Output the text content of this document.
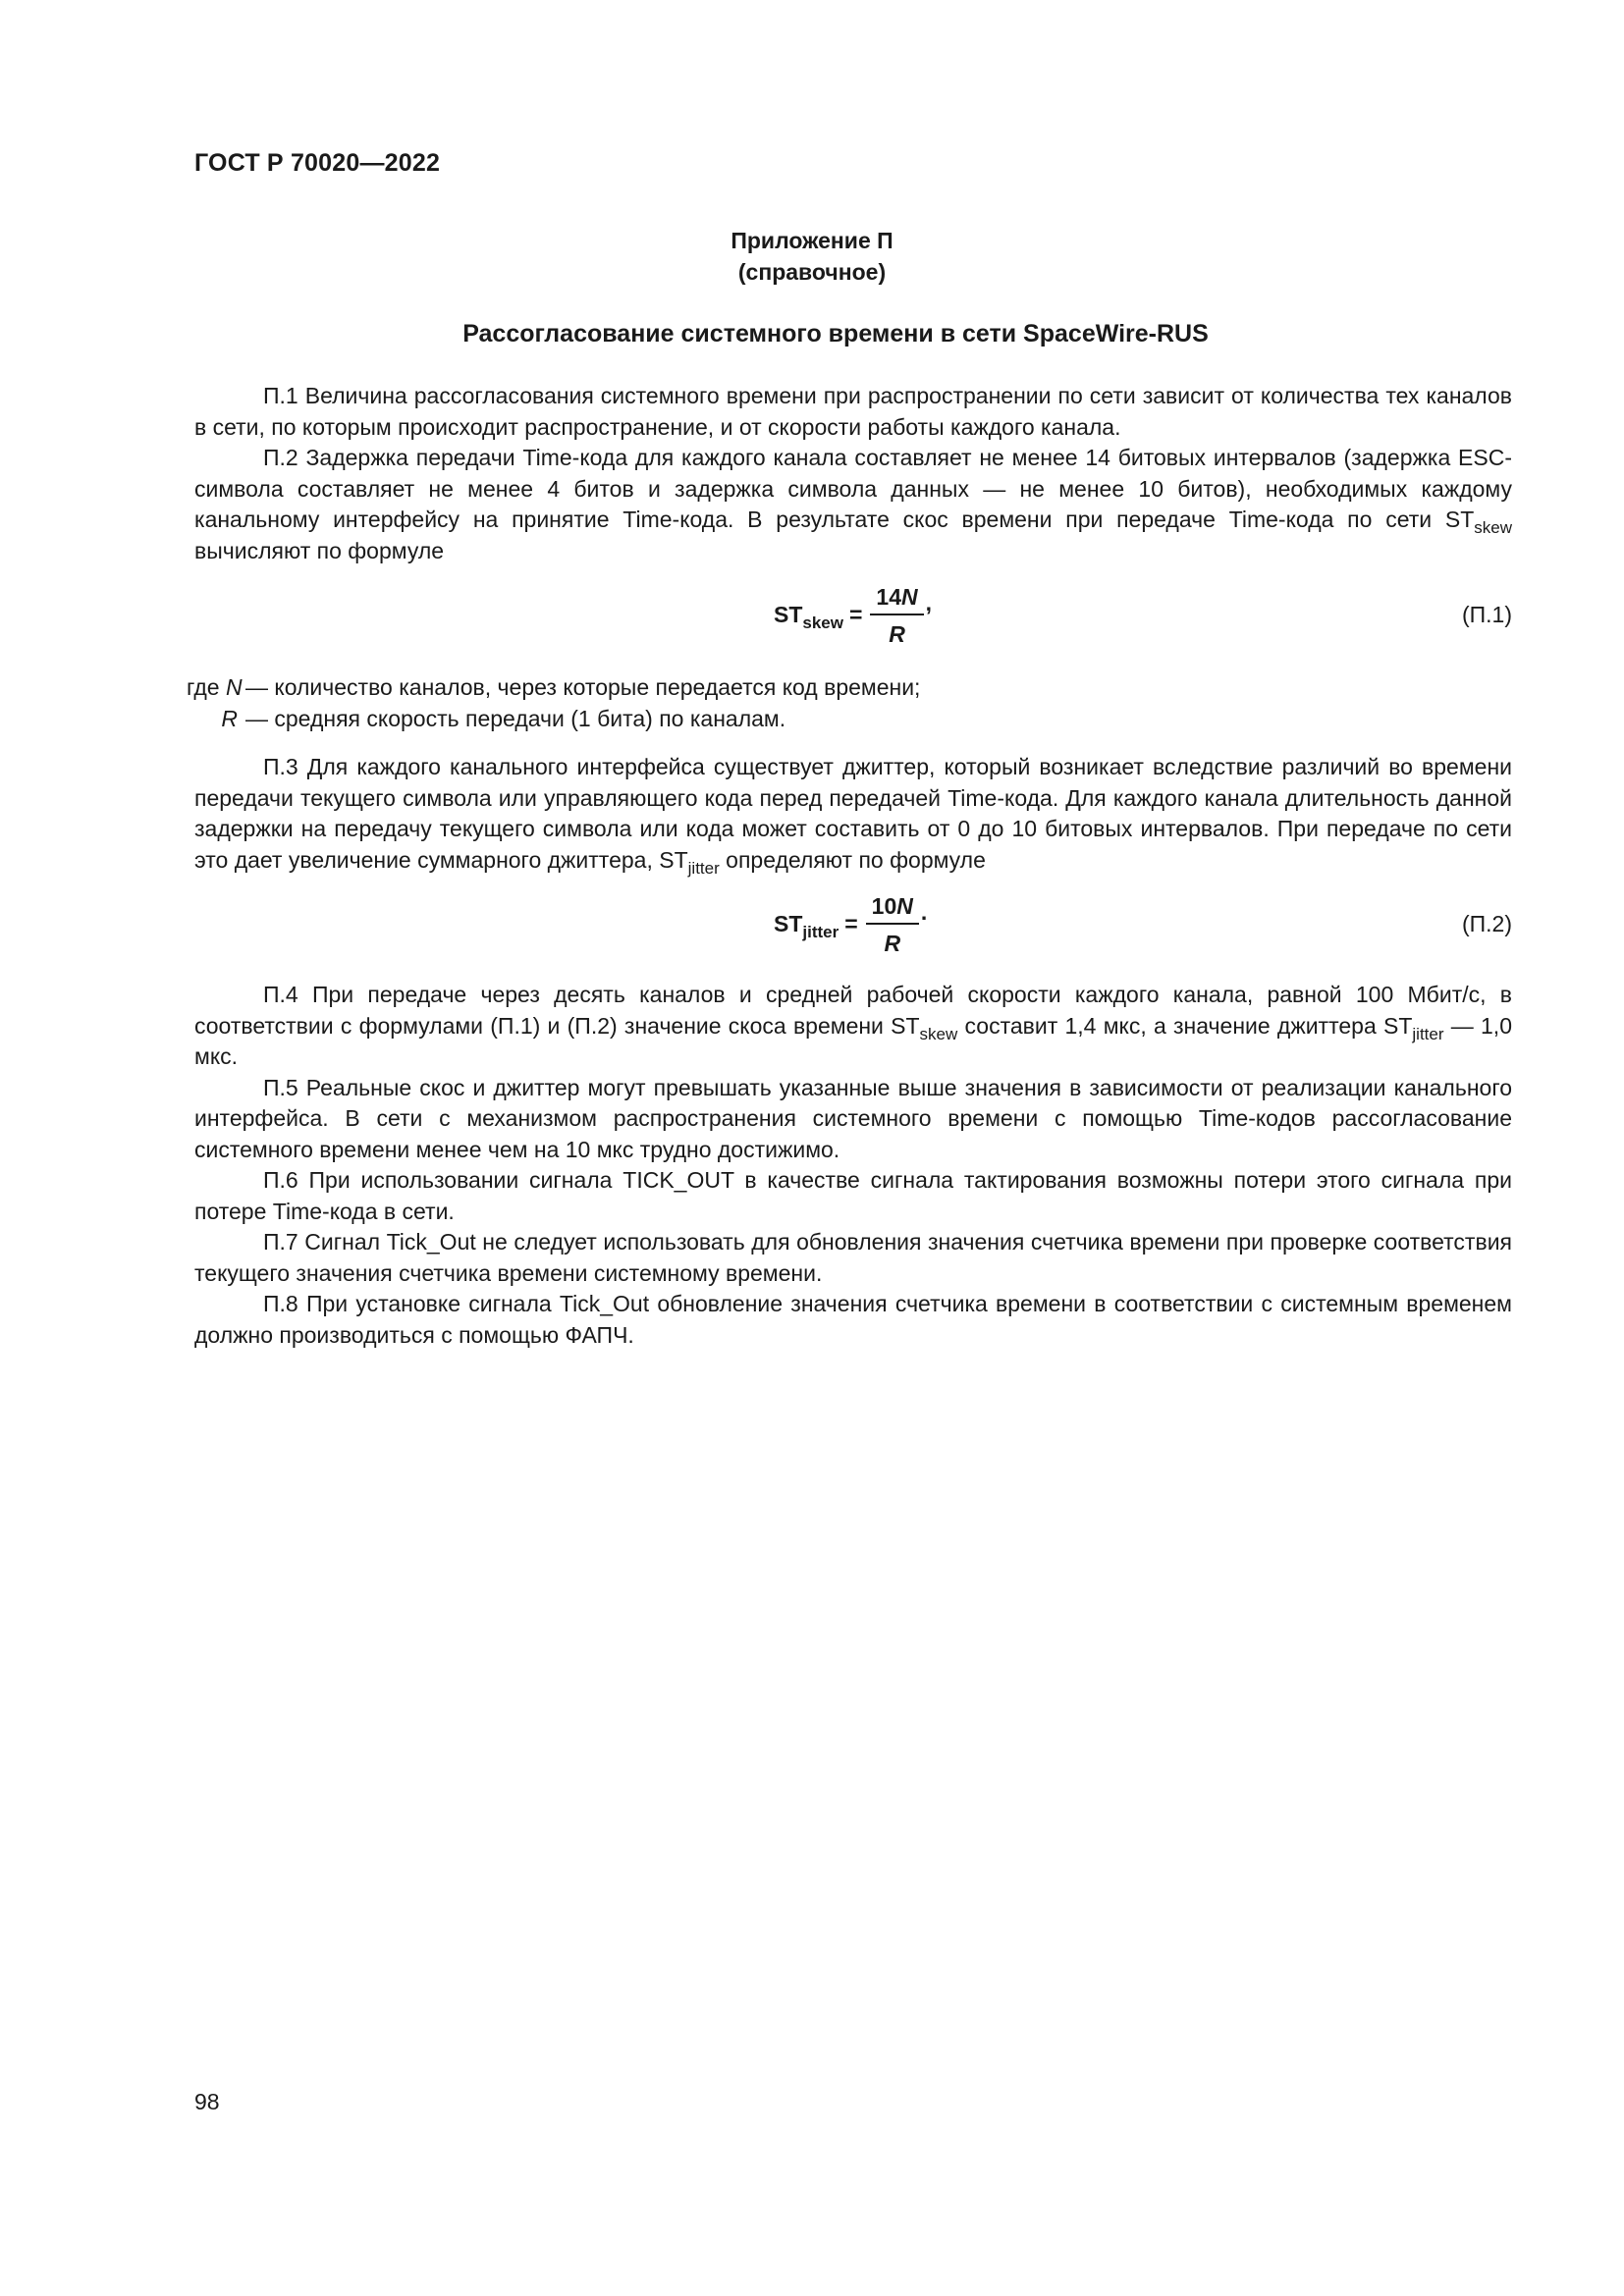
ГОСТ Р 70020—2022
Приложение П
(справочное)
Рассогласование системного времени в сети SpaceWire-RUS

П.1 Величина рассогласования системного времени при распространении по сети зависит от количества тех каналов в сети, по которым происходит распространение, и от скорости работы каждого канала.

П.2 Задержка передачи Time-кода для каждого канала составляет не менее 14 битовых интервалов (задержка ESC-символа составляет не менее 4 битов и задержка символа данных — не менее 10 битов), необходимых каждому канальному интерфейсу на принятие Time-кода. В результате скос времени при передаче Time-кода по сети $ST_{skew}$ вычисляют по формуле

$ST_{skew} = \frac{14N}{R}$ ,	(П.1)
где N — количество каналов, через которые передается код времени;
R — средняя скорость передачи (1 бита) по каналам.

П.3 Для каждого канального интерфейса существует джиттер, который возникает вследствие различий во времени передачи текущего символа или управляющего кода перед передачей Time-кода. Для каждого канала длительность данной задержки на передачу текущего символа или кода может составить от 0 до 10 битовых интервалов. При передаче по сети это дает увеличение суммарного джиттера, $ST_{jitter}$ определяют по формуле

$ST_{jitter} = \frac{10N}{R}$ .	(П.2)

П.4 При передаче через десять каналов и средней рабочей скорости каждого канала, равной 100 Мбит/с, в соответствии с формулами (П.1) и (П.2) значение скоса времени $ST_{skew}$ составит 1,4 мкс, а значение джиттера $ST_{jitter}$ — 1,0 мкс.

П.5 Реальные скос и джиттер могут превышать указанные выше значения в зависимости от реализации канального интерфейса. В сети с механизмом распространения системного времени с помощью Time-кодов рассогласование системного времени менее чем на 10 мкс трудно достижимо.

П.6 При использовании сигнала TICK_OUT в качестве сигнала тактирования возможны потери этого сигнала при потере Time-кода в сети.

П.7 Сигнал Tick_Out не следует использовать для обновления значения счетчика времени при проверке соответствия текущего значения счетчика времени системному времени.

П.8 При установке сигнала Tick_Out обновление значения счетчика времени в соответствии с системным временем должно производиться с помощью ФАПЧ.

98
